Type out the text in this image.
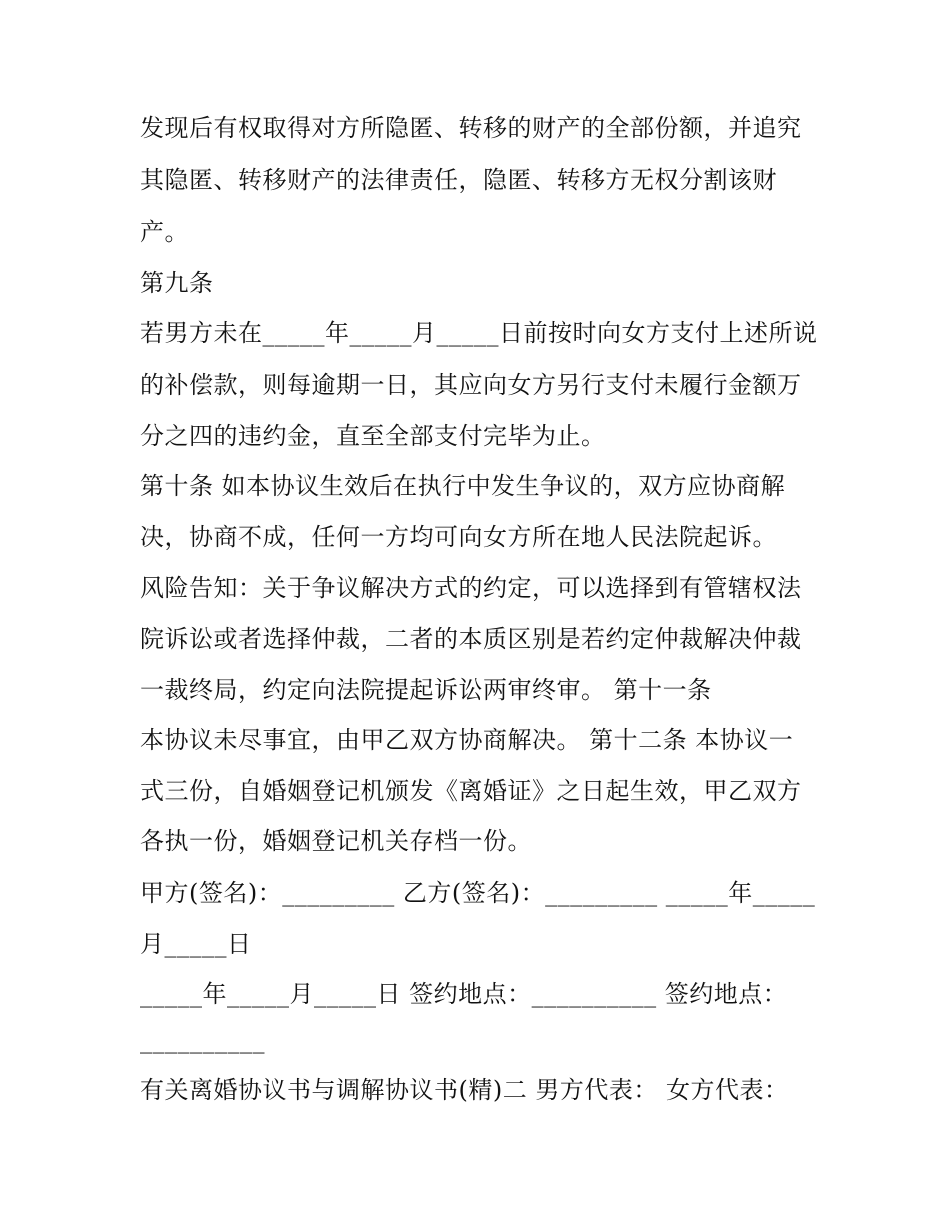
发现后有权取得对方所隐匿、转移的财产的全部份额，并追究
其隐匿、转移财产的法律责任，隐匿、转移方无权分割该财
产。
第九条
若男方未在_____年_____月_____日前按时向女方支付上述所说
的补偿款，则每逾期一日，其应向女方另行支付未履行金额万
分之四的违约金，直至全部支付完毕为止。
第十条 如本协议生效后在执行中发生争议的，双方应协商解
决，协商不成，任何一方均可向女方所在地人民法院起诉。
风险告知：关于争议解决方式的约定，可以选择到有管辖权法
院诉讼或者选择仲裁，二者的本质区别是若约定仲裁解决仲裁
一裁终局，约定向法院提起诉讼两审终审。 第十一条
本协议未尽事宜，由甲乙双方协商解决。 第十二条 本协议一
式三份，自婚姻登记机颁发《离婚证》之日起生效，甲乙双方
各执一份，婚姻登记机关存档一份。
甲方(签名)：_________ 乙方(签名)：_________ _____年_____
月_____日
_____年_____月_____日 签约地点：__________ 签约地点：
__________
有关离婚协议书与调解协议书(精)二 男方代表： 女方代表：
